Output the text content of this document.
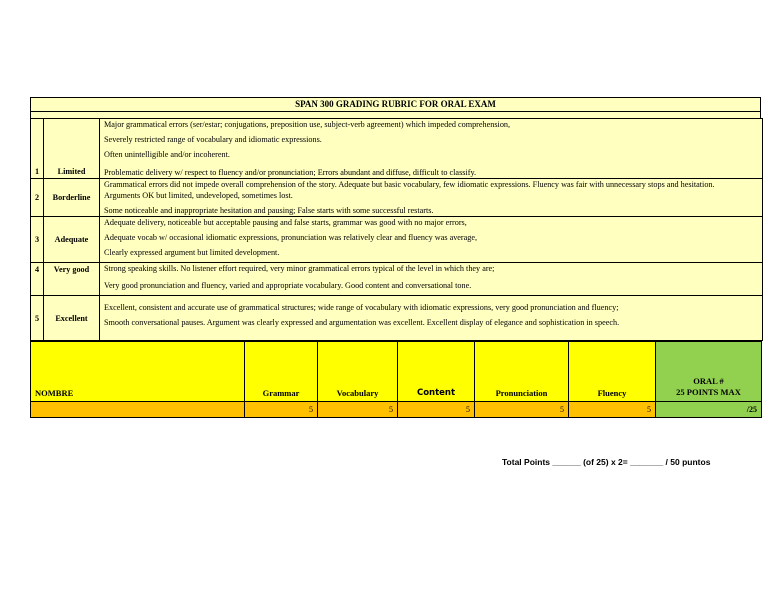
SPAN 300 GRADING RUBRIC FOR ORAL EXAM
1	Limited	Major grammatical errors (ser/estar; conjugations, preposition use, subject-verb agreement) which impeded comprehension,
Severely restricted range of vocabulary and idiomatic expressions.
Often unintelligible and/or incoherent.
Problematic delivery w/ respect to fluency and/or pronunciation; Errors abundant and diffuse, difficult to classify.

2	Borderline	Grammatical errors did not impede overall comprehension of the story. Adequate but basic vocabulary, few idiomatic expressions. Fluency was fair with unnecessary stops and hesitation.
Arguments OK but limited, undeveloped, sometimes lost.
Some noticeable and inappropriate hesitation and pausing; False starts with some successful restarts.

3	Adequate	Adequate delivery, noticeable but acceptable pausing and false starts, grammar was good with no major errors,
Adequate vocab w/ occasional idiomatic expressions, pronunciation was relatively clear and fluency was average,
Clearly expressed argument but limited development.

4	Very good	Strong speaking skills. No listener effort required, very minor grammatical errors typical of the level in which they are;
Very good pronunciation and fluency, varied and appropriate vocabulary. Good content and conversational tone.

5	Excellent	Excellent, consistent and accurate use of grammatical structures; wide range of vocabulary with idiomatic expressions, very good pronunciation and fluency;
Smooth conversational pauses. Argument was clearly expressed and argumentation was excellent. Excellent display of elegance and sophistication in speech.
NOMBRE	Grammar	Vocabulary	Content	Pronunciation	Fluency	ORAL #
25 POINTS MAX

	5	5	5	5	5	/25
Total Points ______ (of 25) x 2= _______ / 50 puntos
